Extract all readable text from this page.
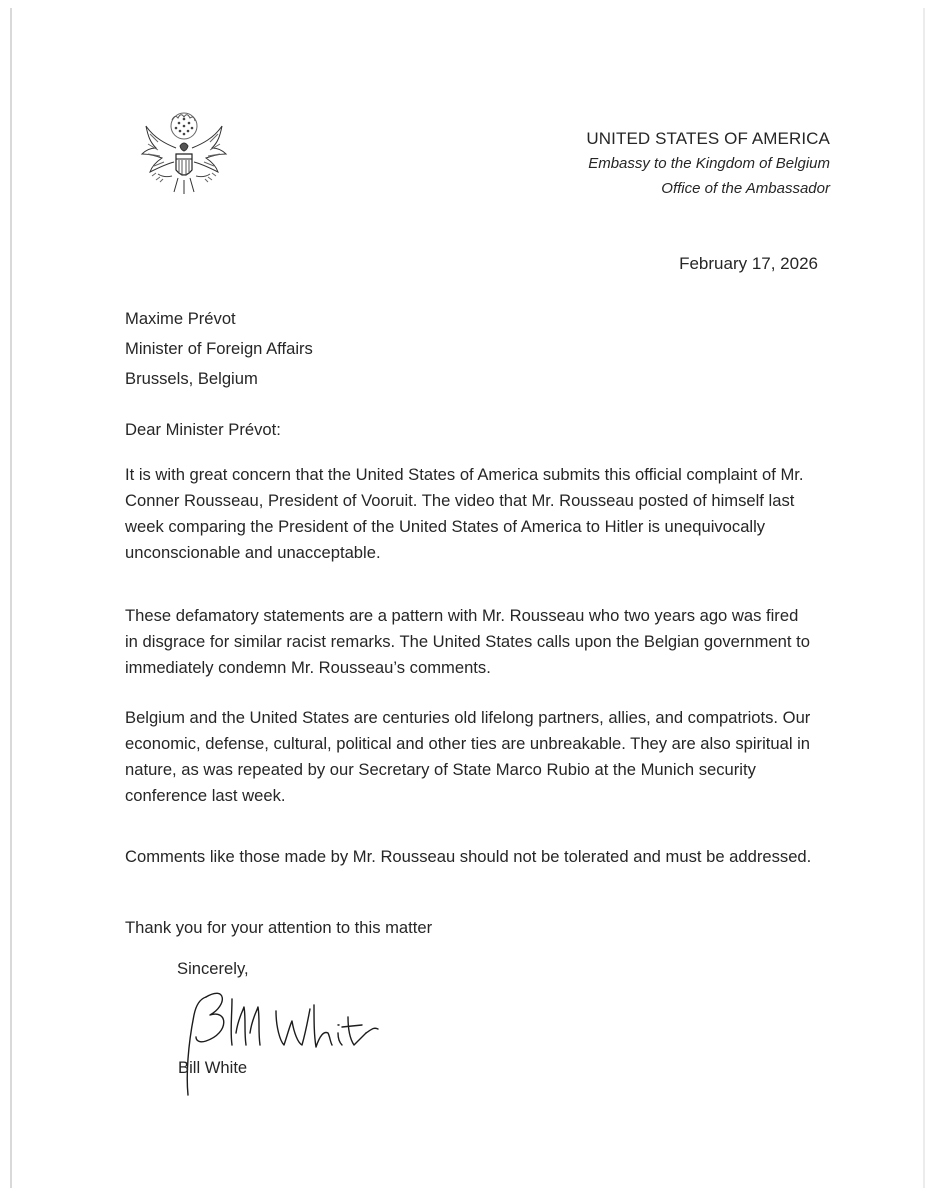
UNITED STATES OF AMERICA
Embassy to the Kingdom of Belgium
Office of the Ambassador
February 17, 2026
Maxime Prévot
Minister of Foreign Affairs
Brussels, Belgium
Dear Minister Prévot:

It is with great concern that the United States of America submits this official complaint of Mr. Conner Rousseau, President of Vooruit. The video that Mr. Rousseau posted of himself last week comparing the President of the United States of America to Hitler is unequivocally unconscionable and unacceptable.

These defamatory statements are a pattern with Mr. Rousseau who two years ago was fired in disgrace for similar racist remarks. The United States calls upon the Belgian government to immediately condemn Mr. Rousseau’s comments.

Belgium and the United States are centuries old lifelong partners, allies, and compatriots. Our economic, defense, cultural, political and other ties are unbreakable. They are also spiritual in nature, as was repeated by our Secretary of State Marco Rubio at the Munich security conference last week.

Comments like those made by Mr. Rousseau should not be tolerated and must be addressed.

Thank you for your attention to this matter
Sincerely,
Bill White
